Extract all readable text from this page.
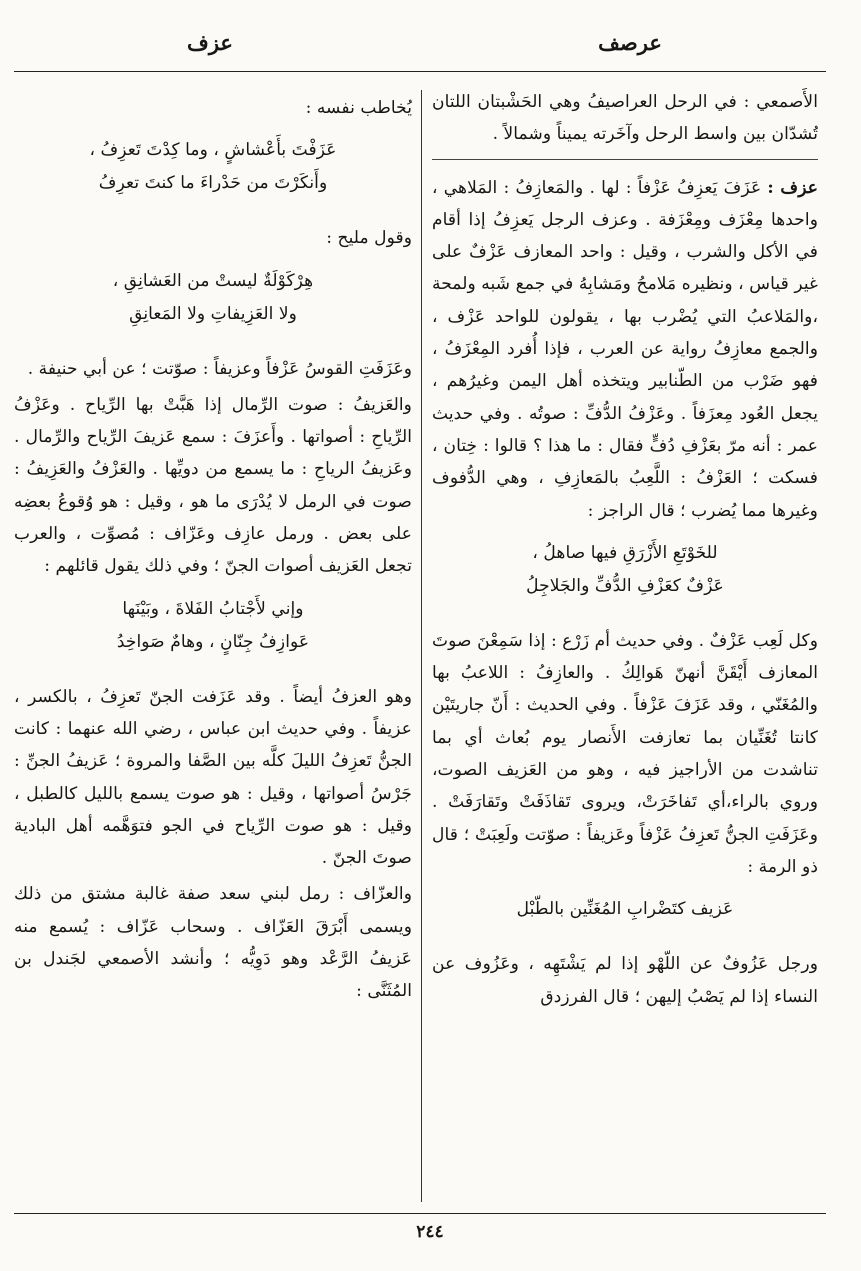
عرصف
عزف

الأَصمعي : في الرحل العراصيفُ وهي الحَشْبتان اللتان تُشدّان بين واسط الرحل وآخَرته يميناً وشمالاً .

عزف : عَزَفَ يَعزِفُ عَزْفاً : لها . والمَعازِفُ : المَلاهي ، واحدها مِعْزَف ومِعْزَفة . وعزف الرجل يَعزِفُ إذا أقام في الأكل والشرب ، وقيل : واحد المعازف عَزْفٌ على غير قياس ، ونظيره مَلامحُ ومَشابِهُ في جمع شَبه ولمحة ،والمَلاعبُ التي يُضْرب بها ، يقولون للواحد عَزْف ، والجمع معازِفُ رواية عن العرب ، فإذا أُفرد المِعْزَفُ ، فهو ضَرْب من الطّنابير ويتخذه أهل اليمن وغيرُهم ، يجعل العُود مِعزَفاً . وعَزْفُ الدُّفِّ : صوتُه . وفي حديث عمر : أنه مرّ بعَزْفِ دُفٍّ فقال : ما هذا ؟ قالوا : خِتان ، فسكت ؛ العَزْفُ : اللَّعِبُ بالمَعازِفِ ، وهي الدُّفوف وغيرها مما يُضرب ؛ قال الراجز :

للخَوْتَعِ الأَزْرَقِ فيها صاهلُ ،
عَزْفٌ كعَزْفِ الدُّفِّ والجَلاجِلُ

وكل لَعِب عَزْفٌ . وفي حديث أم زَرْع : إذا سَمِعْنَ صوتَ المعازف أَيْقَنَّ أنهنّ هَوالِكُ . والعازِفُ : اللاعبُ بها والمُغَنّي ، وقد عَزَفَ عَزْفاً . وفي الحديث : أَنّ جاريتَيْن كانتا تُغَنِّيان بما تعازفت الأَنصار يوم بُعاث أي بما تناشدت من الأراجيز فيه ، وهو من العَزيف الصوت، وروي بالراء،أي تَفاخَرَتْ، ويروى تَقاذَفَتْ وتَقارَفَتْ . وعَزَفَتِ الجنُّ تَعزِفُ عَزْفاً وعَزيفاً : صوّتت ولَعِبَتْ ؛ قال ذو الرمة :

عَزيف كتَضْرابِ المُغَنِّين بالطّبْل

ورجل عَزُوفٌ عن اللّهْو إذا لم يَشْتَهِه ، وعَزُوف عن النساء إذا لم يَصْبُ إليهن ؛ قال الفرزدق

يُخاطب نفسه :

عَزَفْتَ بأَعْشاشٍ ، وما كِدْتَ تَعزِفُ ،
وأَنكَرْتَ من حَدْراءَ ما كنتَ تعرِفُ

وقول مليح :

هِرْكَوْلَةٌ ليستْ من العَشانِقِ ،
ولا العَزِيفاتِ ولا المَعانِقِ

وعَزَفَتِ القوسُ عَزْفاً وعزيفاً : صوّتت ؛ عن أبي حنيفة .

والعَزيفُ : صوت الرِّمال إذا هَبَّتْ بها الرِّياح . وعَزْفُ الرِّياحِ : أصواتها . وأَعزَفَ : سمع عَزيفَ الرِّياح والرِّمال . وعَزيفُ الرياحِ : ما يسمع من دويِّها . والعَزْفُ والعَزِيفُ : صوت في الرمل لا يُدْرَى ما هو ، وقيل : هو وُقوعُ بعضِه على بعض . ورمل عازِف وعَزّاف : مُصوِّت ، والعرب تجعل العَزيف أصوات الجنّ ؛ وفي ذلك يقول قائلهم :

وإني لأَجْتابُ الفَلاةَ ، وبَيْنَها
عَوازِفُ جِنّانٍ ، وهامٌ صَواخِدُ

وهو العزفُ أيضاً . وقد عَزَفت الجنّ تَعزِفُ ، بالكسر ، عزيفاً . وفي حديث ابن عباس ، رضي الله عنهما : كانت الجنُّ تَعزِفُ الليلَ كلَّه بين الصَّفا والمروة ؛ عَزيفُ الجنِّ : جَرْسُ أصواتها ، وقيل : هو صوت يسمع بالليل كالطبل ، وقيل : هو صوت الرِّياح في الجو فتوَهَّمه أهل البادية صوتَ الجنّ .

والعزّاف : رمل لبني سعد صفة غالبة مشتق من ذلك ويسمى أَبْرَقَ العَزّاف . وسحاب عَزّاف : يُسمع منه عَزيفُ الرَّعْد وهو دَوِيُّه ؛ وأنشد الأصمعي لجَندل بن المُثَنَّى :

٢٤٤
